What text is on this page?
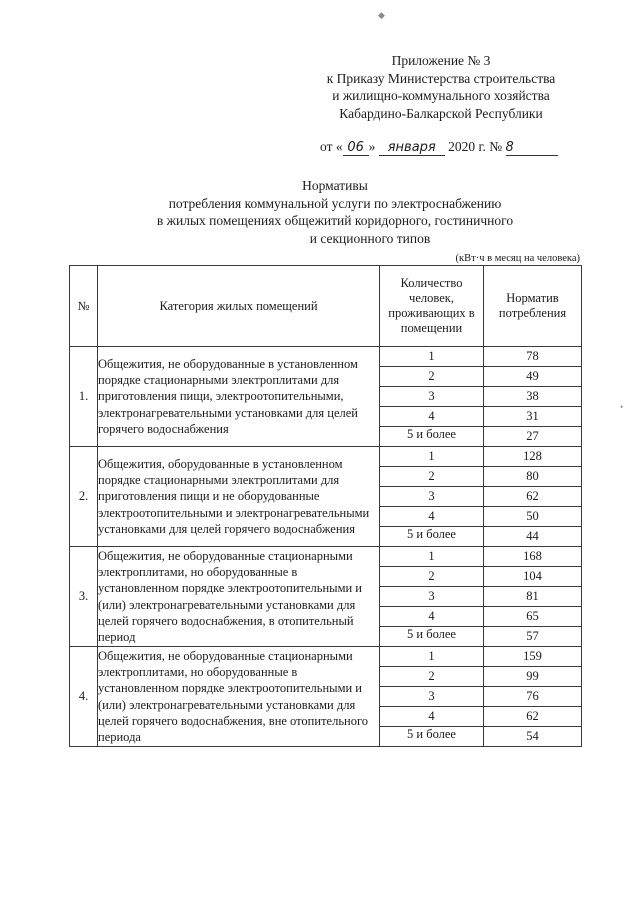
◆
•
Приложение № 3
к Приказу Министерства строительства
и жилищно-коммунального хозяйства
Кабардино-Балкарской Республики
от « 06 » января 2020 г. № 8
Нормативы
потребления коммунальной услуги по электроснабжению
в жилых помещениях общежитий коридорного, гостиничного
и секционного типов
(кВт·ч в месяц на человека)
№	Категория жилых помещений	Количество человек, проживающих в помещении	Норматив потребления
1.	Общежития, не оборудованные в установленном порядке стационарными электроплитами для приготовления пищи, электроотопительными, электронагревательными установками для целей горячего водоснабжения	1	78
		2	49
		3	38
		4	31
		5 и более	27
2.	Общежития, оборудованные в установленном порядке стационарными электроплитами для приготовления пищи и не оборудованные электроотопительными и электронагревательными установками для целей горячего водоснабжения	1	128
		2	80
		3	62
		4	50
		5 и более	44
3.	Общежития, не оборудованные стационарными электроплитами, но оборудованные в установленном порядке электроотопительными и (или) электронагревательными установками для целей горячего водоснабжения, в отопительный период	1	168
		2	104
		3	81
		4	65
		5 и более	57
4.	Общежития, не оборудованные стационарными электроплитами, но оборудованные в установленном порядке электроотопительными и (или) электронагревательными установками для целей горячего водоснабжения, вне отопительного периода	1	159
		2	99
		3	76
		4	62
		5 и более	54
